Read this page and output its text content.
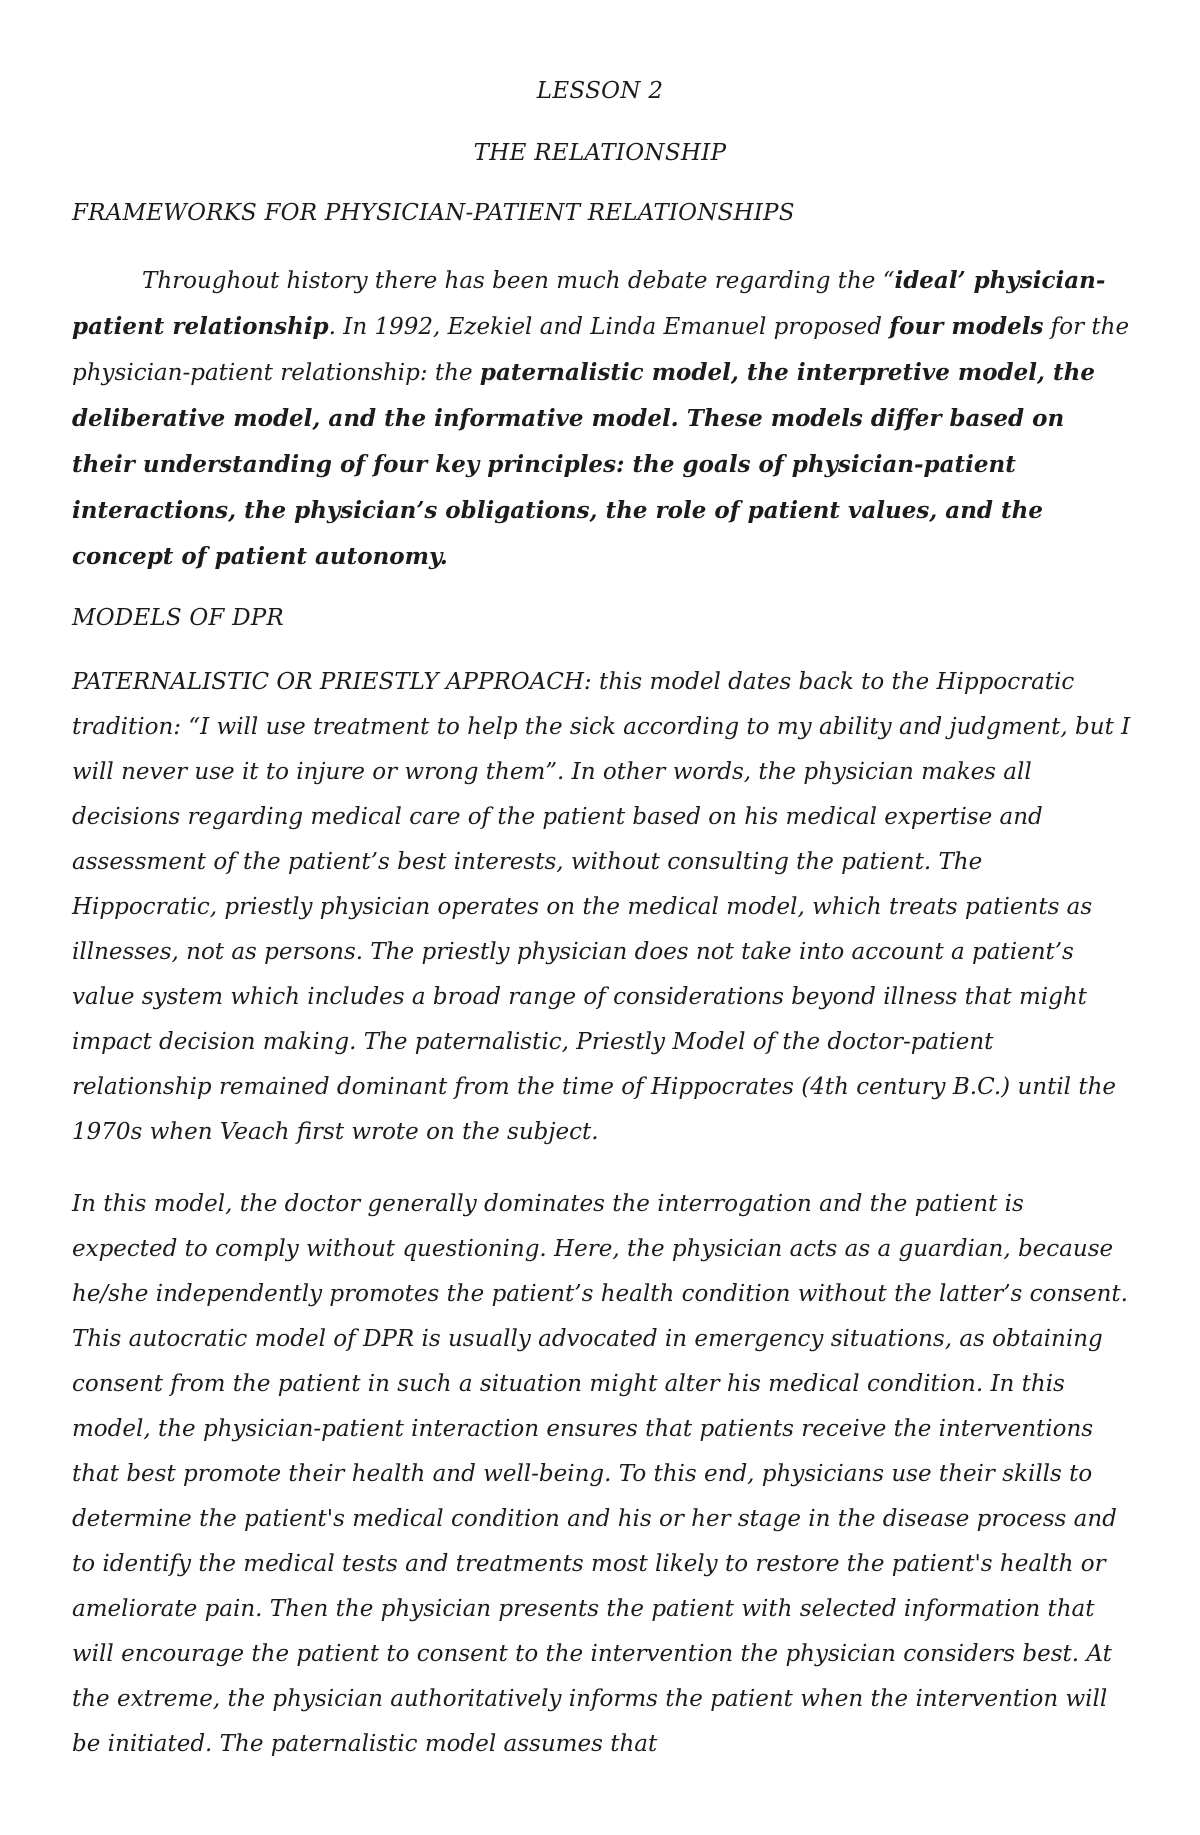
LESSON 2
THE RELATIONSHIP
FRAMEWORKS FOR PHYSICIAN-PATIENT RELATIONSHIPS

Throughout history there has been much debate regarding the “ideal’ physician-patient relationship. In 1992, Ezekiel and Linda Emanuel proposed four models for the physician-patient relationship: the paternalistic model, the interpretive model, the deliberative model, and the informative model. These models differ based on their understanding of four key principles: the goals of physician-patient interactions, the physician’s obligations, the role of patient values, and the concept of patient autonomy.

MODELS OF DPR

PATERNALISTIC OR PRIESTLY APPROACH: this model dates back to the Hippocratic tradition: “I will use treatment to help the sick according to my ability and judgment, but I will never use it to injure or wrong them”. In other words, the physician makes all decisions regarding medical care of the patient based on his medical expertise and assessment of the patient’s best interests, without consulting the patient. The Hippocratic, priestly physician operates on the medical model, which treats patients as illnesses, not as persons. The priestly physician does not take into account a patient’s value system which includes a broad range of considerations beyond illness that might impact decision making. The paternalistic, Priestly Model of the doctor-patient relationship remained dominant from the time of Hippocrates (4th century B.C.) until the 1970s when Veach first wrote on the subject.

In this model, the doctor generally dominates the interrogation and the patient is expected to comply without questioning. Here, the physician acts as a guardian, because he/she independently promotes the patient’s health condition without the latter’s consent. This autocratic model of DPR is usually advocated in emergency situations, as obtaining consent from the patient in such a situation might alter his medical condition. In this model, the physician-patient interaction ensures that patients receive the interventions that best promote their health and well-being. To this end, physicians use their skills to determine the patient's medical condition and his or her stage in the disease process and to identify the medical tests and treatments most likely to restore the patient's health or ameliorate pain. Then the physician presents the patient with selected information that will encourage the patient to consent to the intervention the physician considers best. At the extreme, the physician authoritatively informs the patient when the intervention will be initiated. The paternalistic model assumes that
